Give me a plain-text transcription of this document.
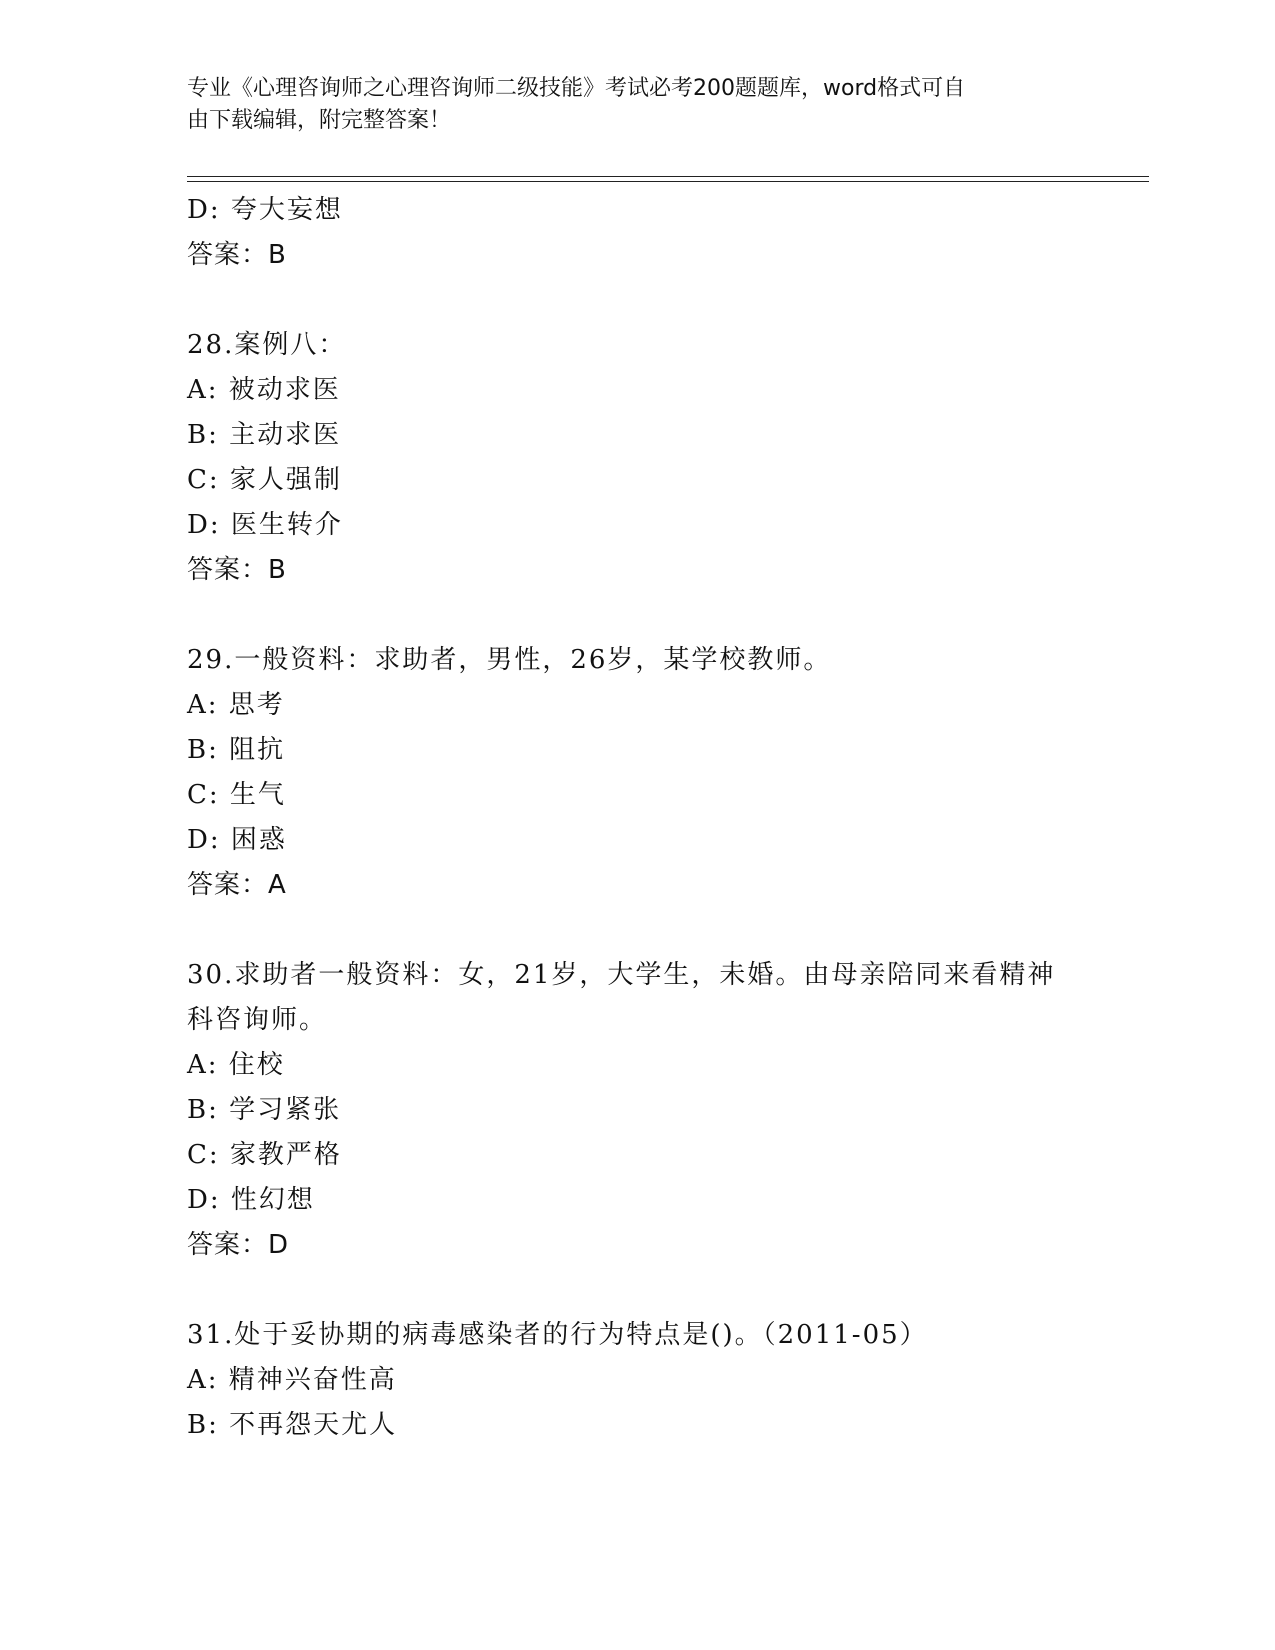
专业《心理咨询师之心理咨询师二级技能》考试必考200题题库，word格式可自
由下载编辑，附完整答案！
D: 夸大妄想
答案：B
28.案例八：
A: 被动求医
B: 主动求医
C: 家人强制
D: 医生转介
答案：B
29.一般资料：求助者，男性，26岁，某学校教师。
A: 思考
B: 阻抗
C: 生气
D: 困惑
答案：A
30.求助者一般资料：女，21岁，大学生，未婚。由母亲陪同来看精神
科咨询师。
A: 住校
B: 学习紧张
C: 家教严格
D: 性幻想
答案：D
31.处于妥协期的病毒感染者的行为特点是()。（2011-05）
A: 精神兴奋性高
B: 不再怨天尤人
